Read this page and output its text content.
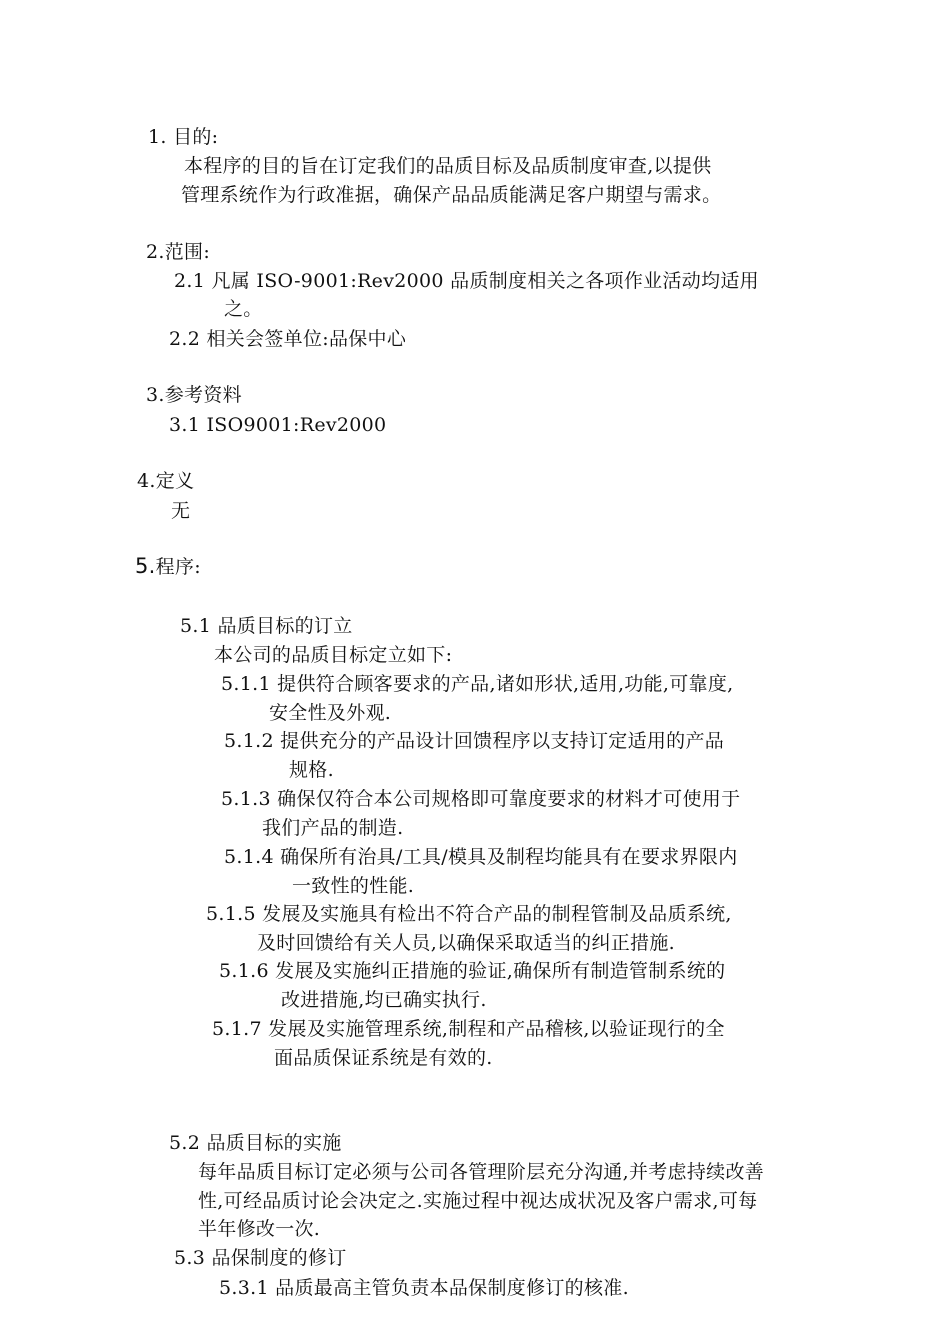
1. 目的:
本程序的目的旨在订定我们的品质目标及品质制度审查,以提供
管理系统作为行政准据，确保产品品质能满足客户期望与需求。
2.范围:
2.1 凡属 ISO-9001:Rev2000 品质制度相关之各项作业活动均适用
之。
2.2 相关会签单位:品保中心
3.参考资料
3.1 ISO9001:Rev2000
4.定义
无
5.程序:
5.1 品质目标的订立
本公司的品质目标定立如下:
5.1.1 提供符合顾客要求的产品,诸如形状,适用,功能,可靠度,
安全性及外观.
5.1.2 提供充分的产品设计回馈程序以支持订定适用的产品
规格.
5.1.3 确保仅符合本公司规格即可靠度要求的材料才可使用于
我们产品的制造.
5.1.4 确保所有治具/工具/模具及制程均能具有在要求界限内
一致性的性能.
5.1.5 发展及实施具有检出不符合产品的制程管制及品质系统,
及时回馈给有关人员,以确保采取适当的纠正措施.
5.1.6 发展及实施纠正措施的验证,确保所有制造管制系统的
改进措施,均已确实执行.
5.1.7 发展及实施管理系统,制程和产品稽核,以验证现行的全
面品质保证系统是有效的.
5.2 品质目标的实施
每年品质目标订定必须与公司各管理阶层充分沟通,并考虑持续改善
性,可经品质讨论会决定之.实施过程中视达成状况及客户需求,可每
半年修改一次.
5.3 品保制度的修订
5.3.1 品质最高主管负责本品保制度修订的核准.
